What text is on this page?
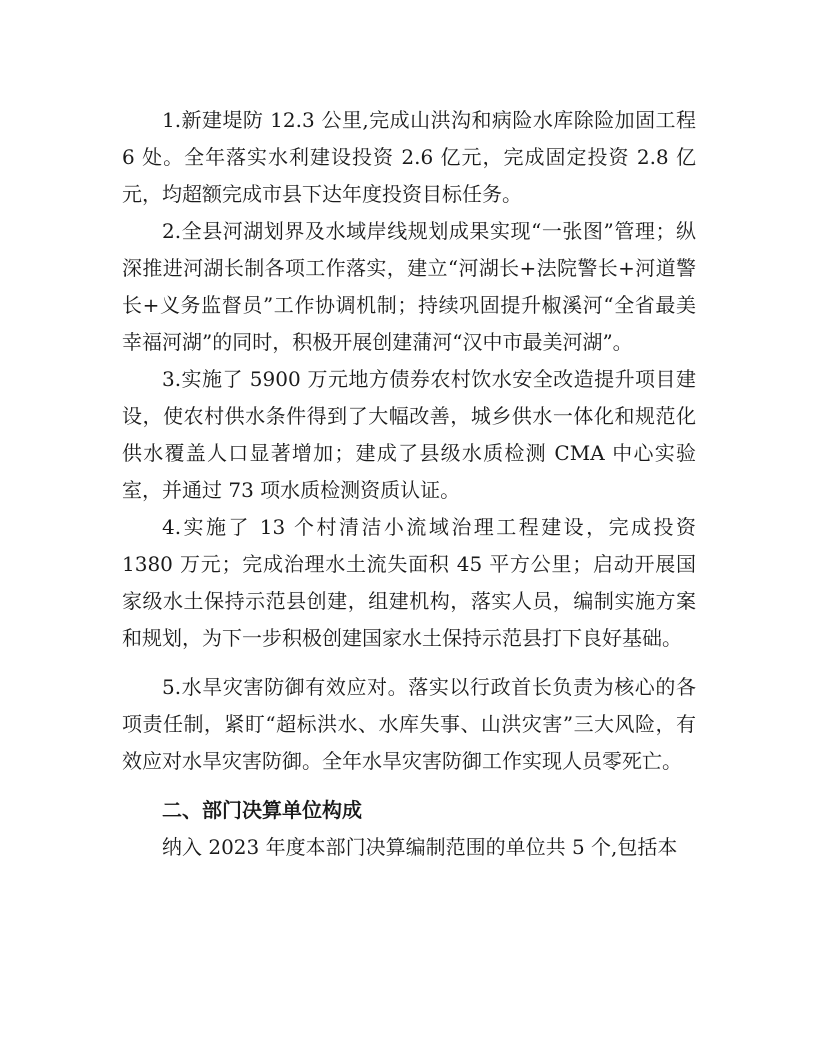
1.新建堤防 12.3 公里,完成山洪沟和病险水库除险加固工程 6 处。全年落实水利建设投资 2.6 亿元，完成固定投资 2.8 亿元，均超额完成市县下达年度投资目标任务。

2.全县河湖划界及水域岸线规划成果实现“一张图”管理；纵深推进河湖长制各项工作落实，建立“河湖长+法院警长+河道警长+义务监督员”工作协调机制；持续巩固提升椒溪河“全省最美幸福河湖”的同时，积极开展创建蒲河“汉中市最美河湖”。

3.实施了 5900 万元地方债券农村饮水安全改造提升项目建设，使农村供水条件得到了大幅改善，城乡供水一体化和规范化供水覆盖人口显著增加；建成了县级水质检测 CMA 中心实验室，并通过 73 项水质检测资质认证。

4.实施了 13 个村清洁小流域治理工程建设，完成投资 1380 万元；完成治理水土流失面积 45 平方公里；启动开展国家级水土保持示范县创建，组建机构，落实人员，编制实施方案和规划，为下一步积极创建国家水土保持示范县打下良好基础。

5.水旱灾害防御有效应对。落实以行政首长负责为核心的各项责任制，紧盯“超标洪水、水库失事、山洪灾害”三大风险，有效应对水旱灾害防御。全年水旱灾害防御工作实现人员零死亡。

二、部门决算单位构成

纳入 2023 年度本部门决算编制范围的单位共 5 个,包括本
